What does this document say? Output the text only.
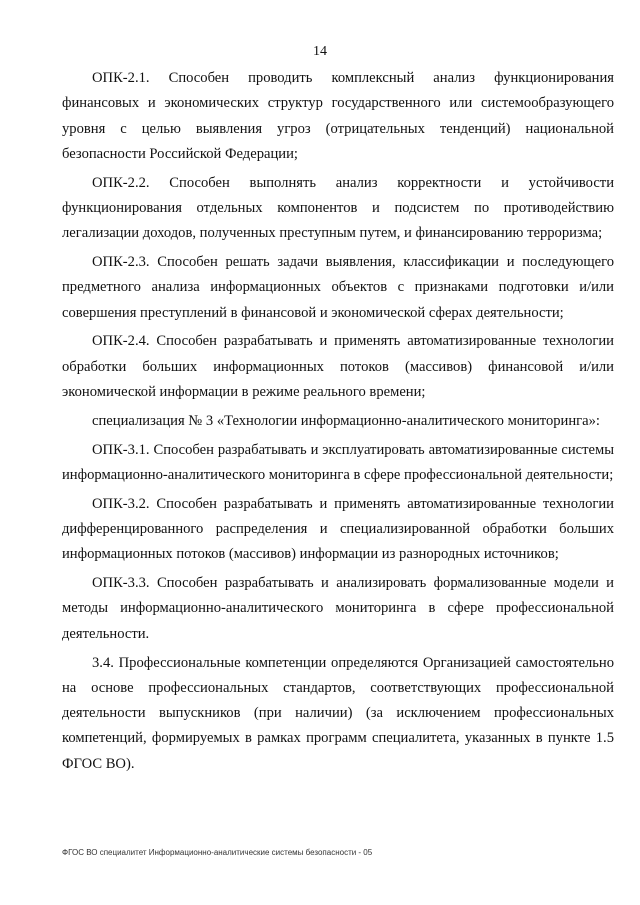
14

ОПК-2.1. Способен проводить комплексный анализ функционирования финансовых и экономических структур государственного или системообразующего уровня с целью выявления угроз (отрицательных тенденций) национальной безопасности Российской Федерации;

ОПК-2.2. Способен выполнять анализ корректности и устойчивости функционирования отдельных компонентов и подсистем по противодействию легализации доходов, полученных преступным путем, и финансированию терроризма;

ОПК-2.3. Способен решать задачи выявления, классификации и последующего предметного анализа информационных объектов с признаками подготовки и/или совершения преступлений в финансовой и экономической сферах деятельности;

ОПК-2.4. Способен разрабатывать и применять автоматизированные технологии обработки больших информационных потоков (массивов) финансовой и/или экономической информации в режиме реального времени;

специализация № 3 «Технологии информационно-аналитического мониторинга»:

ОПК-3.1. Способен разрабатывать и эксплуатировать автоматизированные системы информационно-аналитического мониторинга в сфере профессиональной деятельности;

ОПК-3.2. Способен разрабатывать и применять автоматизированные технологии дифференцированного распределения и специализированной обработки больших информационных потоков (массивов) информации из разнородных источников;

ОПК-3.3. Способен разрабатывать и анализировать формализованные модели и методы информационно-аналитического мониторинга в сфере профессиональной деятельности.

3.4. Профессиональные компетенции определяются Организацией самостоятельно на основе профессиональных стандартов, соответствующих профессиональной деятельности выпускников (при наличии) (за исключением профессиональных компетенций, формируемых в рамках программ специалитета, указанных в пункте 1.5 ФГОС ВО).

ФГОС ВО специалитет Информационно-аналитические системы безопасности - 05
